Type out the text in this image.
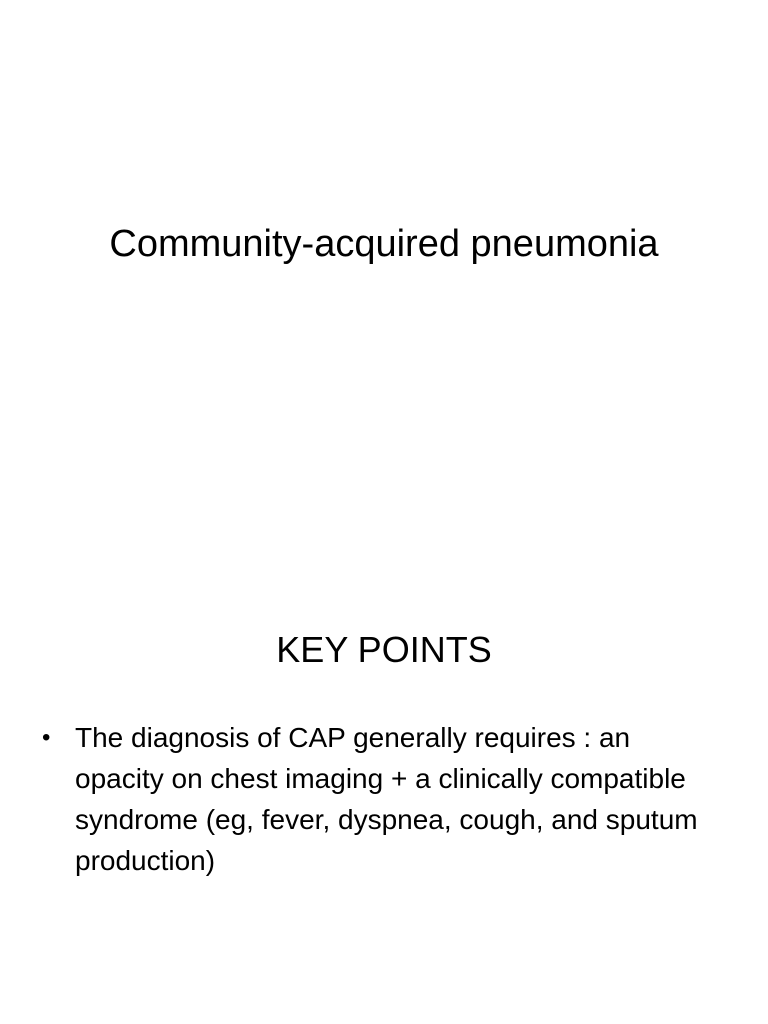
Community-acquired pneumonia
KEY POINTS
• The diagnosis of CAP generally requires : an opacity on chest imaging + a clinically compatible syndrome (eg, fever, dyspnea, cough, and sputum production)
